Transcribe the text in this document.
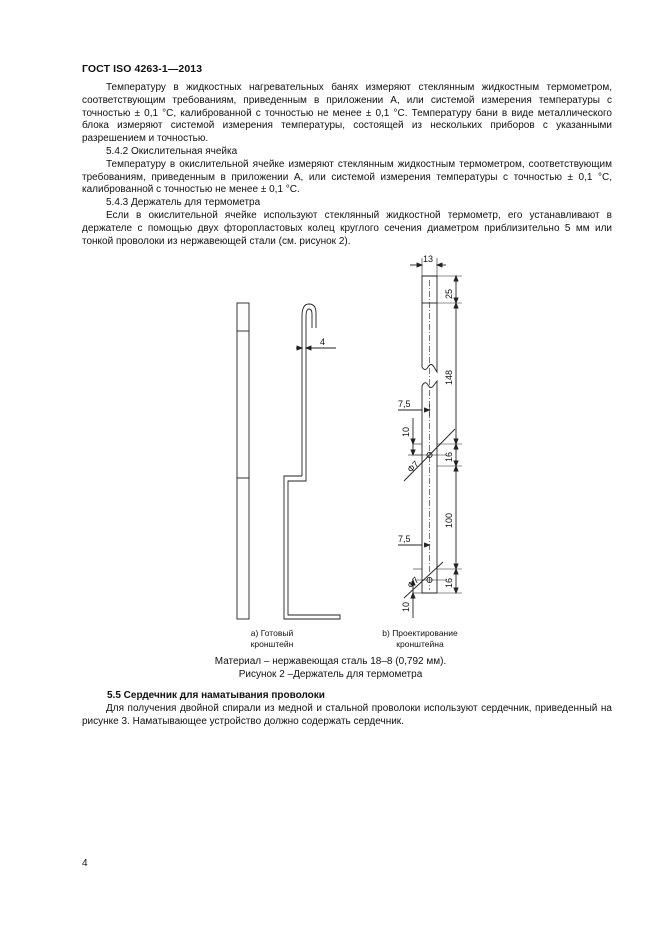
ГОСТ ISO 4263-1—2013

Температуру в жидкостных нагревательных банях измеряют стеклянным жидкостным термометром, соответствующим требованиям, приведенным в приложении А, или системой измерения температуры с точностью ± 0,1 °С, калиброванной с точностью не менее ± 0,1 °С. Температуру бани в виде металлического блока измеряют системой измерения температуры, состоящей из нескольких приборов с указанными разрешением и точностью.

5.4.2 Окислительная ячейка

Температуру в окислительной ячейке измеряют стеклянным жидкостным термометром, соответствующим требованиям, приведенным в приложении А, или системой измерения температуры с точностью ± 0,1 °С, калиброванной с точностью не менее ± 0,1 °С.

5.4.3 Держатель для термометра

Если в окислительной ячейке используют стеклянный жидкостной термометр, его устанавливают в держателе с помощью двух фторопластовых колец круглого сечения диаметром приблизительно 5 мм или тонкой проволоки из нержавеющей стали (см. рисунок 2).

4
13
25
148
7,5
10
Ф7
16
100
7,5
Ф7	16
10
а) Готовый кронштейн
b) Проектирование кронштейна
Материал – нержавеющая сталь 18–8 (0,792 мм).
Рисунок 2 –Держатель для термометра
5.5 Сердечник для наматывания проволоки

Для получения двойной спирали из медной и стальной проволоки используют сердечник, приведенный на рисунке 3. Наматывающее устройство должно содержать сердечник.

4
